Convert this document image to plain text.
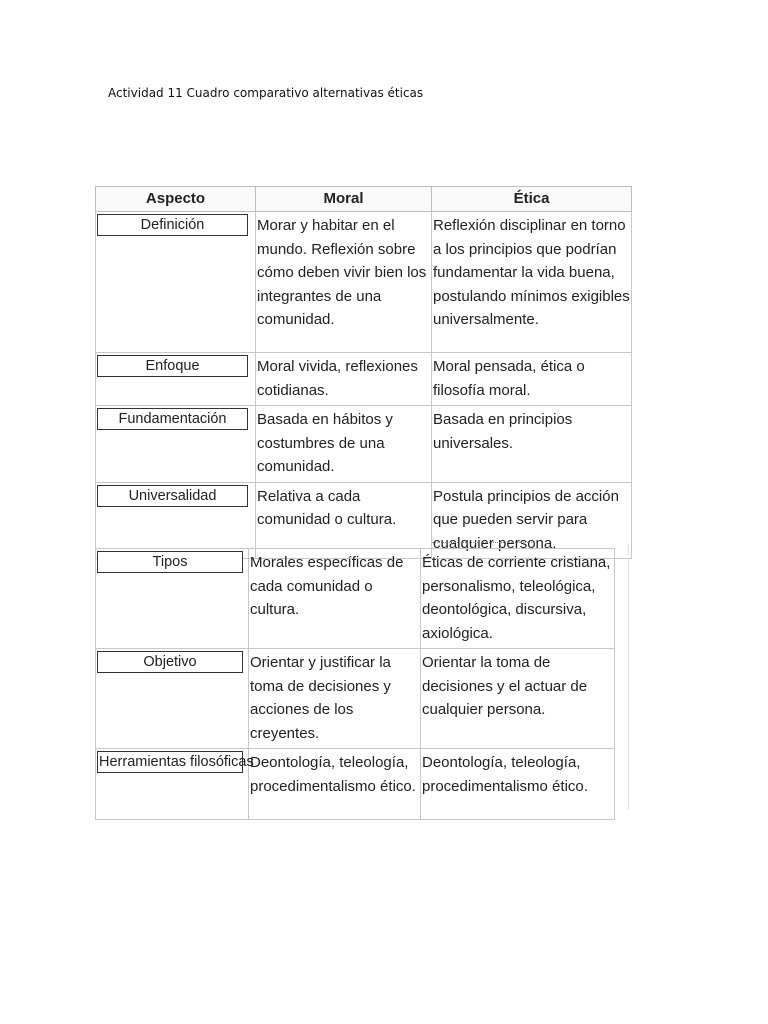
Actividad 11 Cuadro comparativo alternativas éticas
Aspecto	Moral	Ética

Definición	Morar y habitar en el mundo. Reflexión sobre cómo deben vivir bien los integrantes de una comunidad.	Reflexión disciplinar en torno a los principios que podrían fundamentar la vida buena, postulando mínimos exigibles universalmente.

Enfoque	Moral vivida, reflexiones cotidianas.	Moral pensada, ética o filosofía moral.

Fundamentación	Basada en hábitos y costumbres de una comunidad.	Basada en principios universales.

Universalidad	Relativa a cada comunidad o cultura.	Postula principios de acción que pueden servir para cualquier persona.
Tipos	Morales específicas de cada comunidad o cultura.	Éticas de corriente cristiana, personalismo, teleológica, deontológica, discursiva, axiológica.

Objetivo	Orientar y justificar la toma de decisiones y acciones de los creyentes.	Orientar la toma de decisiones y el actuar de cualquier persona.

Herramientas filosóficas	Deontología, teleología, procedimentalismo ético.	Deontología, teleología, procedimentalismo ético.
